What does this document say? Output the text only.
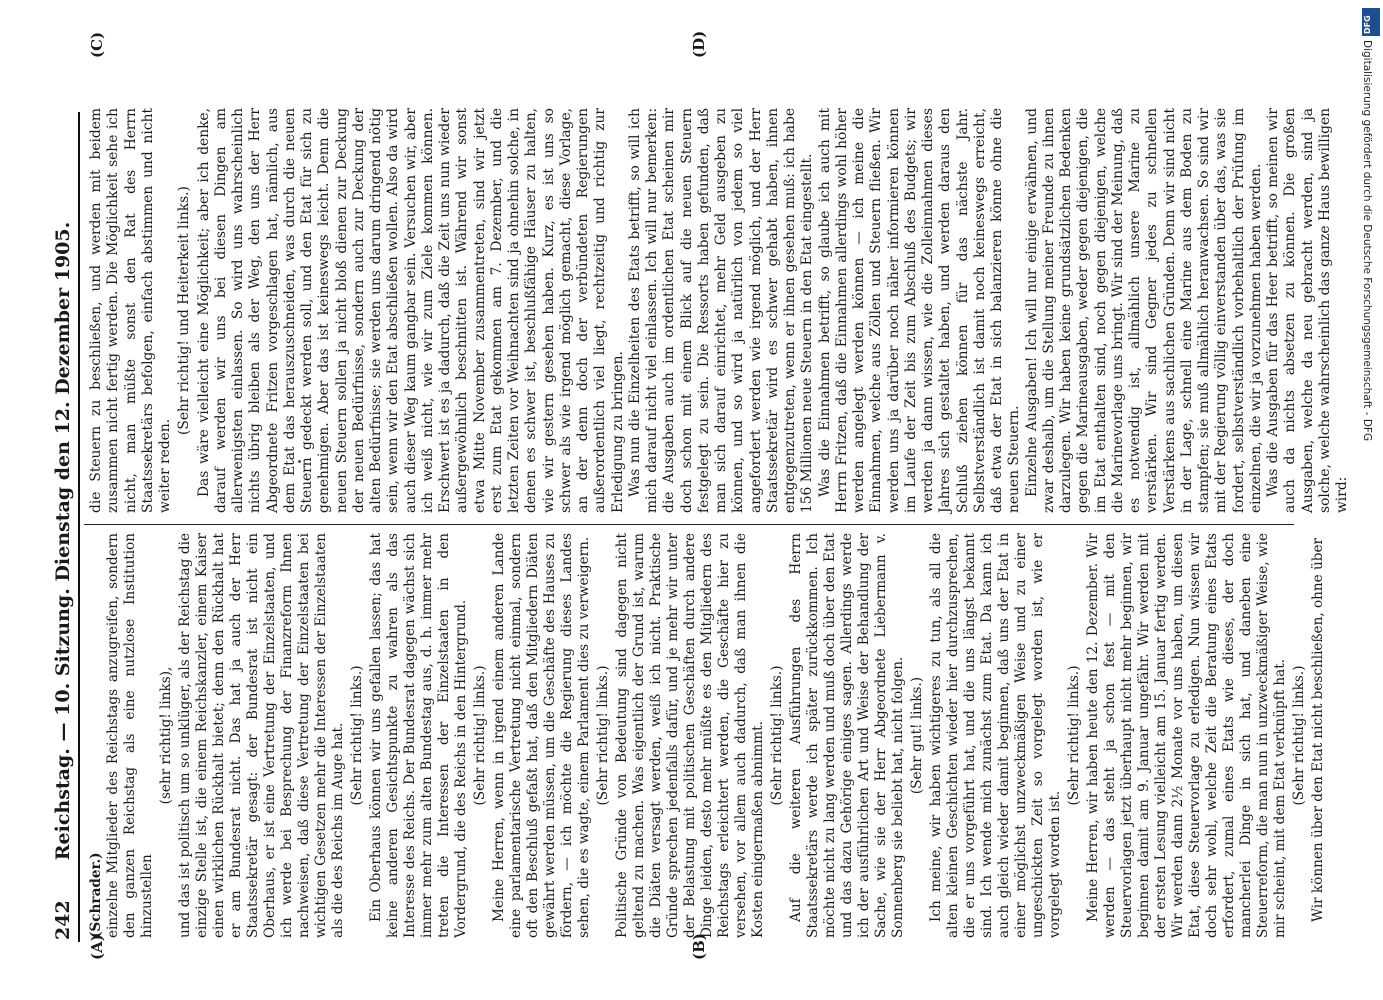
242
Reichstag. — 10. Sitzung. Dienstag den 12. Dezember 1905.
(A)	(B)
(C)	(D)

(Schrader.) einzelne Mitglieder des Reichstags anzugreifen, sondern den ganzen Reichstag als eine nutzlose Institution hinzustellen

(sehr richtig! links), und das ist politisch um so unklüger, als der Reichstag die einzige Stelle ist, die einem Reichskanzler, einem Kaiser einen wirklichen Rückhalt bietet; denn den Rückhalt hat er am Bundesrat nicht. Das hat ja auch der Herr Staatssekretär gesagt: der Bundesrat ist nicht ein Oberhaus, er ist eine Vertretung der Einzelstaaten, und ich werde bei Besprechung der Finanzreform Ihnen nachweisen, daß diese Vertretung der Einzelstaaten bei wichtigen Gesetzen mehr die Interessen der Einzelstaaten als die des Reichs im Auge hat. (Sehr richtig! links.) Ein Oberhaus können wir uns gefallen lassen; das hat keine anderen Gesichtspunkte zu wahren als das Interesse des Reichs. Der Bundesrat dagegen wächst sich immer mehr zum alten Bundestag aus, d. h. immer mehr treten die Interessen der Einzelstaaten in den Vordergrund, die des Reichs in den Hintergrund. (Sehr richtig! links.) Meine Herren, wenn in irgend einem anderen Lande eine parlamentarische Vertretung nicht einmal, sondern oft den Beschluß gefaßt hat, daß den Mitgliedern Diäten gewährt werden müssen, um die Geschäfte des Hauses zu fördern, — ich möchte die Regierung dieses Landes sehen, die es wagte, einem Parlament dies zu verweigern. (Sehr richtig! links.) Politische Gründe von Bedeutung sind dagegen nicht geltend zu machen. Was eigentlich der Grund ist, warum die Diäten versagt werden, weiß ich nicht. Praktische Gründe sprechen jedenfalls dafür, und je mehr wir unter der Belastung mit politischen Geschäften durch andere Dinge leiden, desto mehr müßte es den Mitgliedern des Reichstags erleichtert werden, die Geschäfte hier zu versehen, vor allem auch dadurch, daß man ihnen die Kosten einigermaßen abnimmt. (Sehr richtig! links.) Auf die weiteren Ausführungen des Herrn Staatssekretärs werde ich später zurückkommen. Ich möchte nicht zu lang werden und muß doch über den Etat und das dazu Gehörige einiges sagen. Allerdings werde ich der ausführlichen Art und Weise der Behandlung der Sache, wie sie der Herr Abgeordnete Liebermann v. Sonnenberg sie beliebt hat, nicht folgen. (Sehr gut! links.) Ich meine, wir haben wichtigeres zu tun, als all die alten kleinen Geschichten wieder hier durchzusprechen, die er uns vorgeführt hat, und die uns längst bekannt sind. Ich wende mich zunächst zum Etat. Da kann ich auch gleich wieder damit beginnen, daß uns der Etat in einer möglichst unzweckmäßigen Weise und zu einer ungeschickten Zeit so vorgelegt worden ist, wie er vorgelegt worden ist.

(Sehr richtig! links.) Meine Herren, wir haben heute den 12. Dezember. Wir werden — das steht ja schon fest — mit den Steuervorlagen jetzt überhaupt nicht mehr beginnen, wir beginnen damit am 9. Januar ungefähr. Wir werden mit der ersten Lesung vielleicht am 15. Januar fertig werden. Wir werden dann 2½ Monate vor uns haben, um diesen Etat, diese Steuervorlage zu erledigen. Nun wissen wir doch sehr wohl, welche Zeit die Beratung eines Etats erfordert, zumal eines Etats wie dieses, der doch mancherlei Dinge in sich hat, und daneben eine Steuerreform, die man nun in unzweckmäßiger Weise, wie mir scheint, mit dem Etat verknüpft hat. (Sehr richtig! links.) Wir können über den Etat nicht beschließen, ohne über

die Steuern zu beschließen, und werden mit beidem zusammen nicht fertig werden. Die Möglichkeit sehe ich nicht, man müßte sonst den Rat des Herrn Staatssekretärs befolgen, einfach abstimmen und nicht weiter reden.

(Sehr richtig! und Heiterkeit links.) Das wäre vielleicht eine Möglichkeit; aber ich denke, darauf werden wir uns bei diesen Dingen am allerwenigsten einlassen. So wird uns wahrscheinlich nichts übrig bleiben als der Weg, den uns der Herr Abgeordnete Fritzen vorgeschlagen hat, nämlich, aus dem Etat das herauszuschneiden, was durch die neuen Steuern gedeckt werden soll, und den Etat für sich zu genehmigen. Aber das ist keineswegs leicht. Denn die neuen Steuern sollen ja nicht bloß dienen zur Deckung der neuen Bedürfnisse, sondern auch zur Deckung der alten Bedürfnisse; sie werden uns darum dringend nötig sein, wenn wir den Etat abschließen wollen. Also da wird auch dieser Weg kaum gangbar sein. Versuchen wir, aber ich weiß nicht, wie wir zum Ziele kommen können. Erschwert ist es ja dadurch, daß die Zeit uns nun wieder außergewöhnlich beschnitten ist. Während wir sonst etwa Mitte November zusammentreten, sind wir jetzt erst zum Etat gekommen am 7. Dezember, und die letzten Zeiten vor Weihnachten sind ja ohnehin solche, in denen es schwer ist, beschlußfähige Häuser zu halten, wie wir gestern gesehen haben. Kurz, es ist uns so schwer als wie irgend möglich gemacht, diese Vorlage, an der denn doch der verbündeten Regierungen außerordentlich viel liegt, rechtzeitig und richtig zur Erledigung zu bringen. Was nun die Einzelheiten des Etats betrifft, so will ich mich darauf nicht viel einlassen. Ich will nur bemerken: die Ausgaben auch im ordentlichen Etat scheinen mir doch schon mit einem Blick auf die neuen Steuern festgelegt zu sein. Die Ressorts haben gefunden, daß man sich darauf einrichtet, mehr Geld ausgeben zu können, und so wird ja natürlich von jedem so viel angefordert werden wie irgend möglich, und der Herr Staatssekretär wird es schwer gehabt haben, ihnen entgegenzutreten, wenn er ihnen gesehen muß: ich habe 156 Millionen neue Steuern in den Etat eingestellt. Was die Einnahmen betrifft, so glaube ich auch mit Herrn Fritzen, daß die Einnahmen allerdings wohl höher werden angelegt werden können — ich meine die Einnahmen, welche aus Zöllen und Steuern fließen. Wir werden uns ja darüber noch näher informieren können im Laufe der Zeit bis zum Abschluß des Budgets; wir werden ja dann wissen, wie die Zolleinnahmen dieses Jahres sich gestaltet haben, und werden daraus den Schluß ziehen können für das nächste Jahr. Selbstverständlich ist damit noch keineswegs erreicht, daß etwa der Etat in sich balanzieren könne ohne die neuen Steuern. Einzelne Ausgaben! Ich will nur einige erwähnen, und zwar deshalb, um die Stellung meiner Freunde zu ihnen darzulegen. Wir haben keine grundsätzlichen Bedenken gegen die Marineausgaben, weder gegen diejenigen, die im Etat enthalten sind, noch gegen diejenigen, welche die Marinevorlage uns bringt. Wir sind der Meinung, daß es notwendig ist, allmählich unsere Marine zu verstärken. Wir sind Gegner jedes zu schnellen Verstärkens aus sachlichen Gründen. Denn wir sind nicht in der Lage, schnell eine Marine aus dem Boden zu stampfen; sie muß allmählich heranwachsen. So sind wir mit der Regierung völlig einverstanden über das, was sie fordert, selbstverständlich vorbehaltlich der Prüfung im einzelnen, die wir ja vorzunehmen haben werden. Was die Ausgaben für das Heer betrifft, so meinen wir auch da nichts absetzen zu können. Die großen Ausgaben, welche da neu gebracht werden, sind ja solche, welche wahrscheinlich das ganze Haus bewilligen wird:

DFG
Digitalisierung gefördert durch die Deutsche Forschungsgemeinschaft - DFG
